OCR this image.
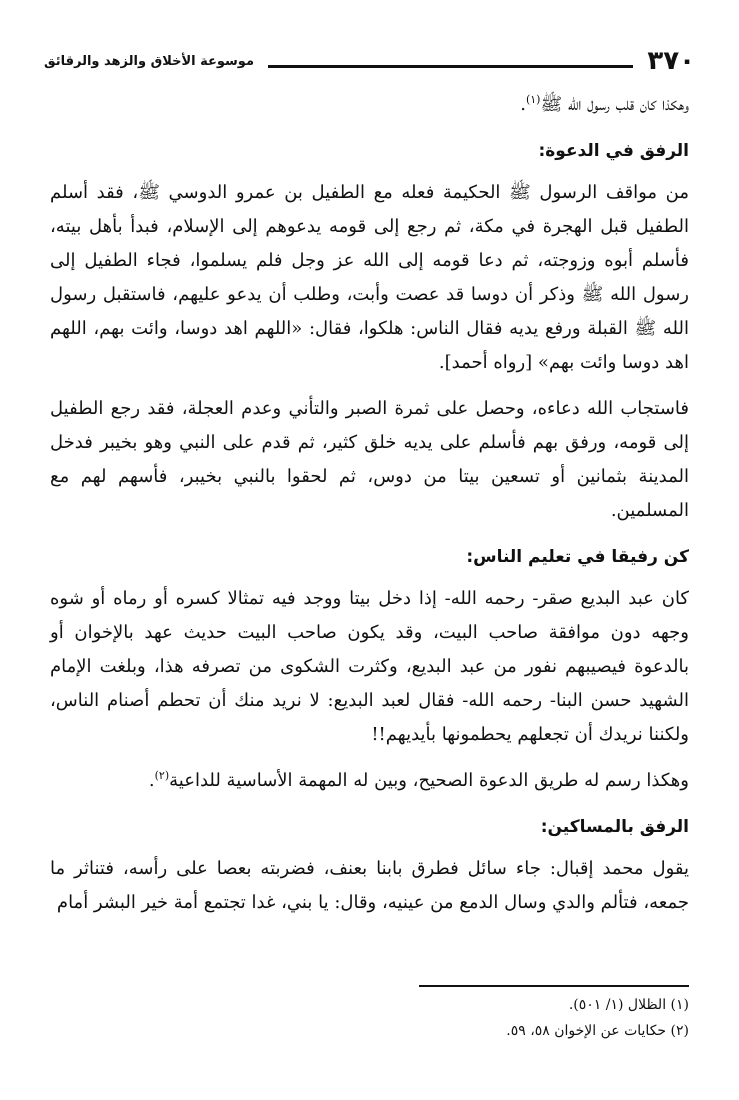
٣٧٠
موسوعة الأخلاق والزهد والرقائق

وهكذا كان قلب رسول الله ﷺ$^{(١)}$.

الرفق في الدعوة:

من مواقف الرسول ﷺ الحكيمة فعله مع الطفيل بن عمرو الدوسي ﷺ، فقد أسلم الطفيل قبل الهجرة في مكة، ثم رجع إلى قومه يدعوهم إلى الإسلام، فبدأ بأهل بيته، فأسلم أبوه وزوجته، ثم دعا قومه إلى الله عز وجل فلم يسلموا، فجاء الطفيل إلى رسول الله ﷺ وذكر أن دوسا قد عصت وأبت، وطلب أن يدعو عليهم، فاستقبل رسول الله ﷺ القبلة ورفع يديه فقال الناس: هلكوا، فقال: «اللهم اهد دوسا، وائت بهم، اللهم اهد دوسا وائت بهم» [رواه أحمد].

فاستجاب الله دعاءه، وحصل على ثمرة الصبر والتأني وعدم العجلة، فقد رجع الطفيل إلى قومه، ورفق بهم فأسلم على يديه خلق كثير، ثم قدم على النبي وهو بخيبر فدخل المدينة بثمانين أو تسعين بيتا من دوس، ثم لحقوا بالنبي بخيبر، فأسهم لهم مع المسلمين.

كن رفيقا في تعليم الناس:

كان عبد البديع صقر- رحمه الله- إذا دخل بيتا ووجد فيه تمثالا كسره أو رماه أو شوه وجهه دون موافقة صاحب البيت، وقد يكون صاحب البيت حديث عهد بالإخوان أو بالدعوة فيصيبهم نفور من عبد البديع، وكثرت الشكوى من تصرفه هذا، وبلغت الإمام الشهيد حسن البنا- رحمه الله- فقال لعبد البديع: لا نريد منك أن تحطم أصنام الناس، ولكننا نريدك أن تجعلهم يحطمونها بأيديهم!!

وهكذا رسم له طريق الدعوة الصحيح، وبين له المهمة الأساسية للداعية$^{(٢)}$.

الرفق بالمساكين:

يقول محمد إقبال: جاء سائل فطرق بابنا بعنف، فضربته بعصا على رأسه، فتناثر ما جمعه، فتألم والدي وسال الدمع من عينيه، وقال: يا بني، غدا تجتمع أمة خير البشر أمام

(١) الظلال (١/ ٥٠١).
(٢) حكايات عن الإخوان ٥٨، ٥٩.
